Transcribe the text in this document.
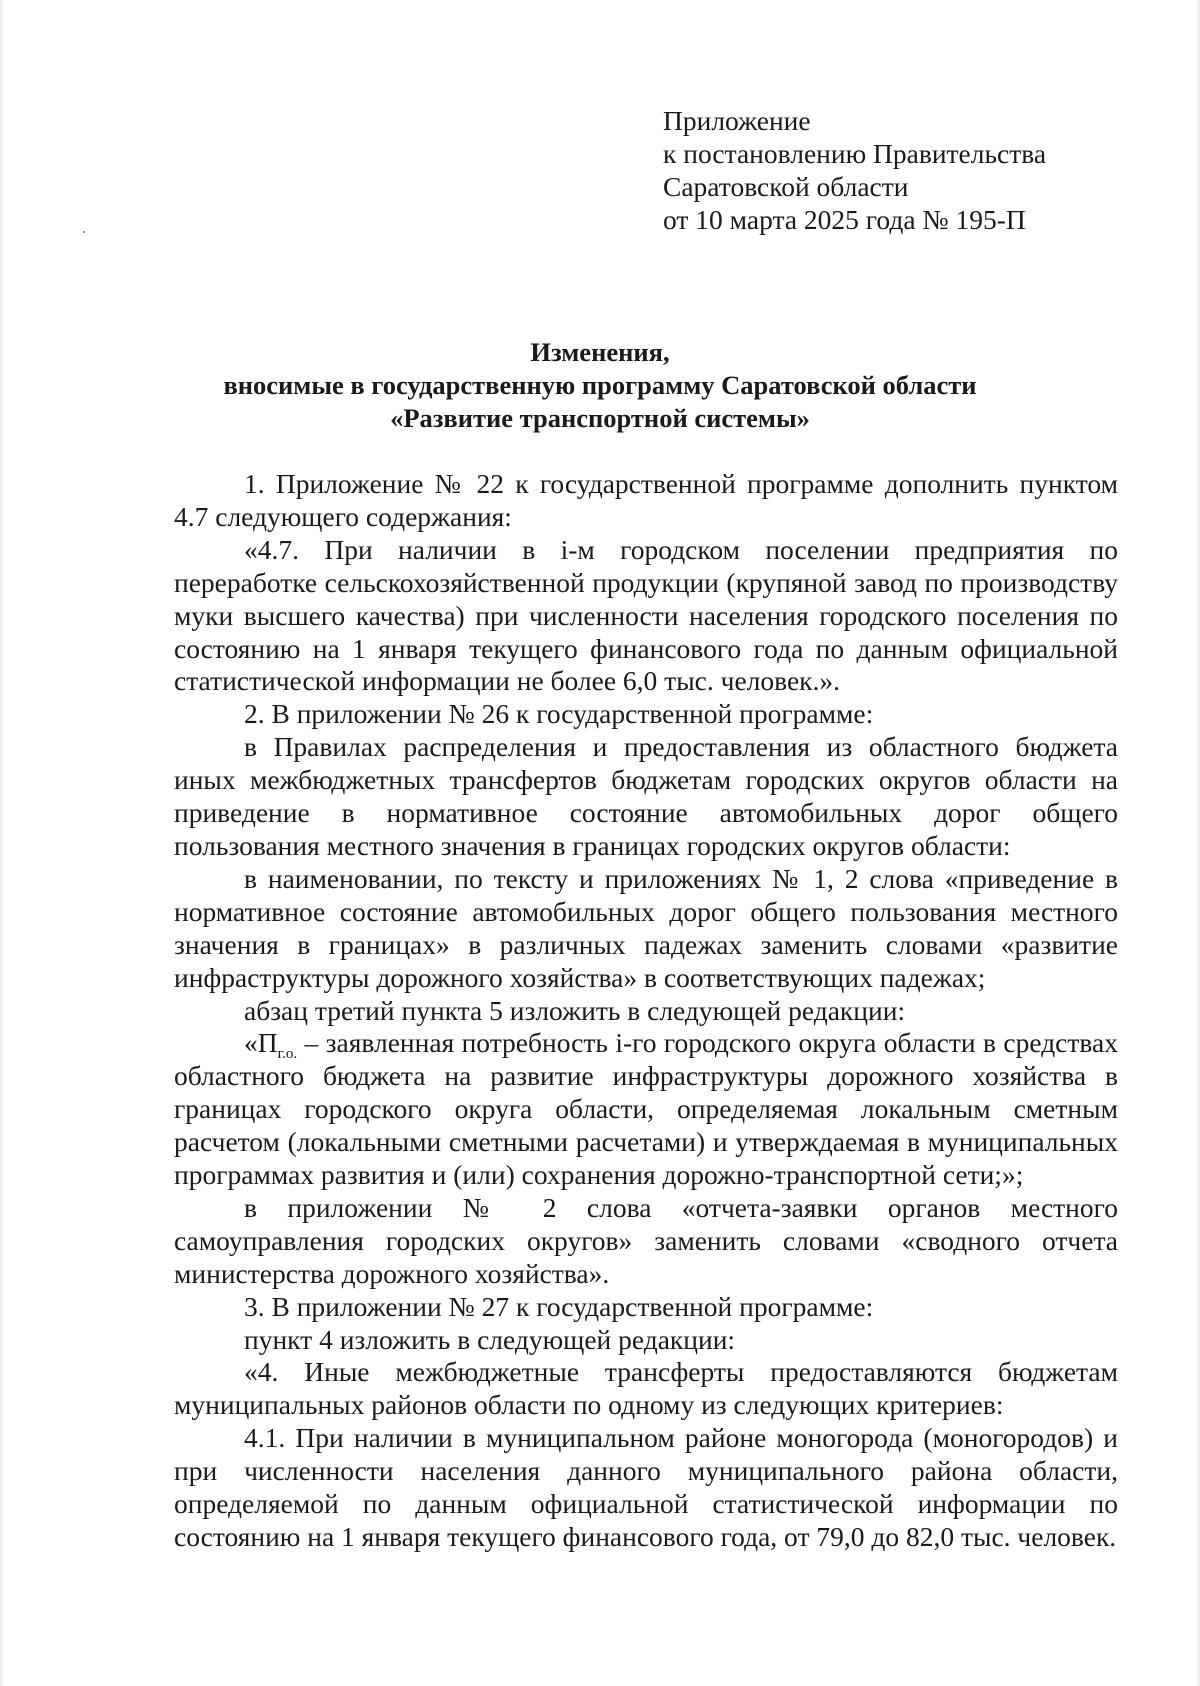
Приложение
к постановлению Правительства
Саратовской области
от 10 марта 2025 года № 195-П
Изменения,
вносимые в государственную программу Саратовской области
«Развитие транспортной системы»

1. Приложение № 22 к государственной программе дополнить пунктом 4.7 следующего содержания:

«4.7. При наличии в i-м городском поселении предприятия по переработке сельскохозяйственной продукции (крупяной завод по производству муки высшего качества) при численности населения городского поселения по состоянию на 1 января текущего финансового года по данным официальной статистической информации не более 6,0 тыс. человек.».

2. В приложении № 26 к государственной программе:

в Правилах распределения и предоставления из областного бюджета иных межбюджетных трансфертов бюджетам городских округов области на приведение в нормативное состояние автомобильных дорог общего пользования местного значения в границах городских округов области:

в наименовании, по тексту и приложениях № 1, 2 слова «приведение в нормативное состояние автомобильных дорог общего пользования местного значения в границах» в различных падежах заменить словами «развитие инфраструктуры дорожного хозяйства» в соответствующих падежах;

абзац третий пункта 5 изложить в следующей редакции:

«$П_{г.о.}$ – заявленная потребность i-го городского округа области в средствах областного бюджета на развитие инфраструктуры дорожного хозяйства в границах городского округа области, определяемая локальным сметным расчетом (локальными сметными расчетами) и утверждаемая в муниципальных программах развития и (или) сохранения дорожно-транспортной сети;»;

в приложении № 2 слова «отчета-заявки органов местного самоуправления городских округов» заменить словами «сводного отчета министерства дорожного хозяйства».

3. В приложении № 27 к государственной программе:

пункт 4 изложить в следующей редакции:

«4. Иные межбюджетные трансферты предоставляются бюджетам муниципальных районов области по одному из следующих критериев:

4.1. При наличии в муниципальном районе моногорода (моногородов) и при численности населения данного муниципального района области, определяемой по данным официальной статистической информации по состоянию на 1 января текущего финансового года, от 79,0 до 82,0 тыс. человек.
